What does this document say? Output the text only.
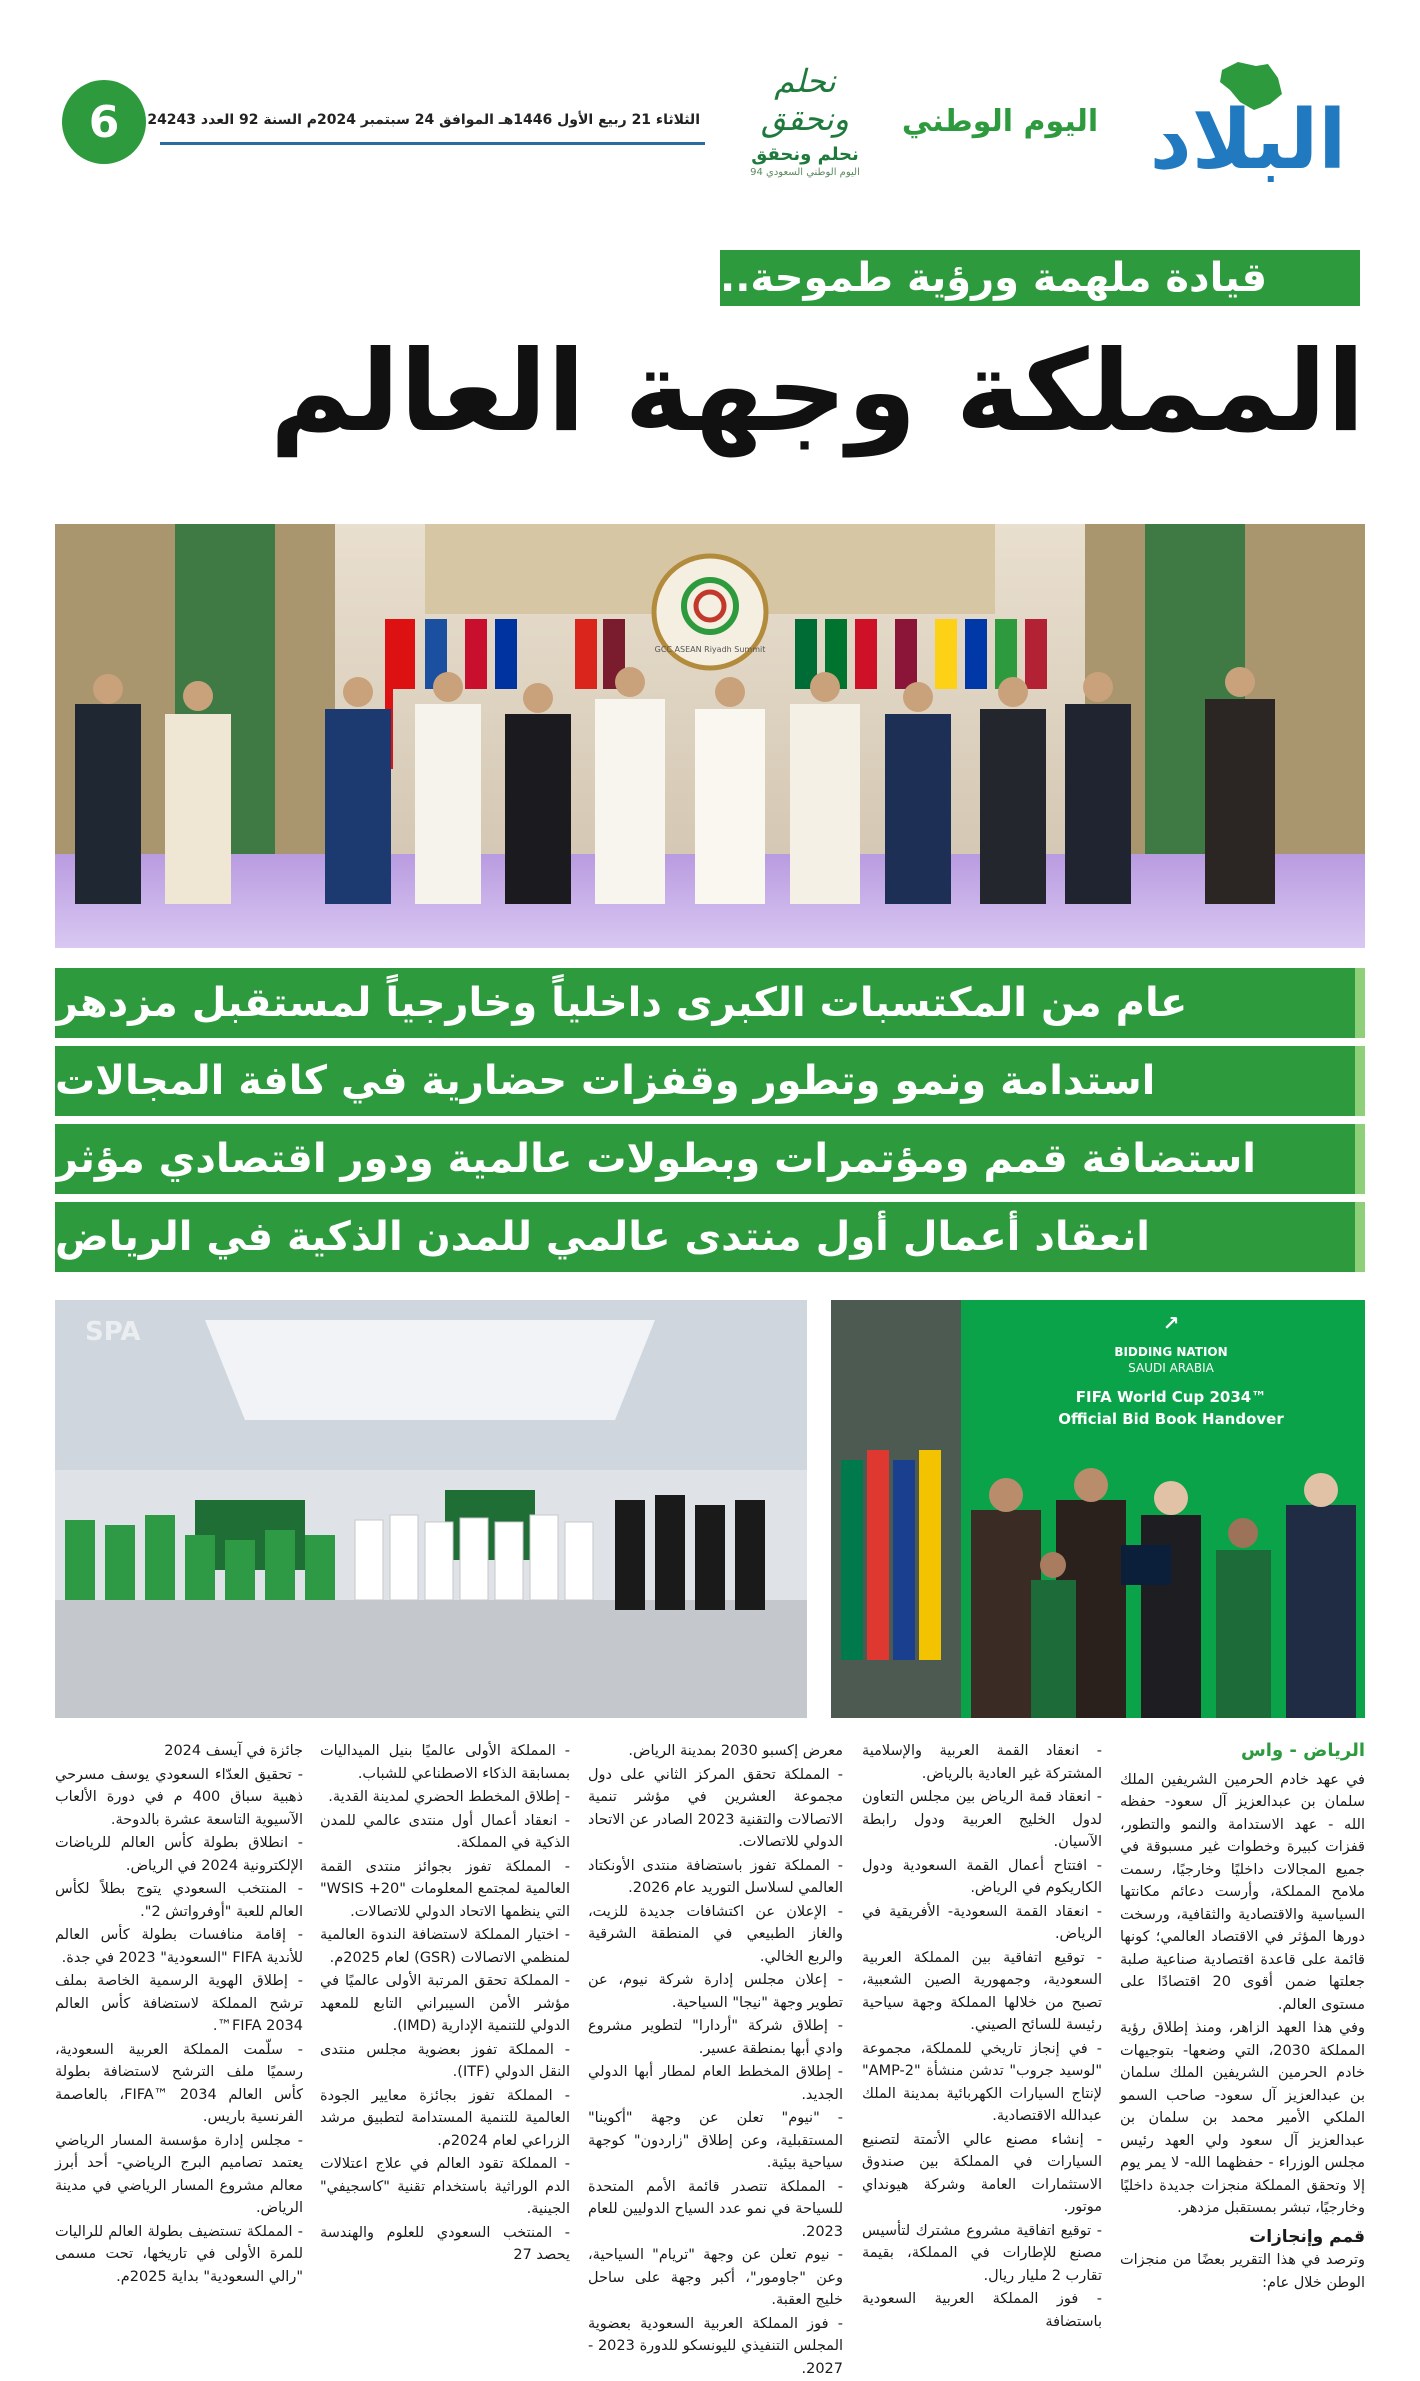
6	الثلاثاء 21 ربيع الأول 1446هـ الموافق 24 سبتمبر 2024م السنة 92 العدد 24243
نحلم ونحقق
نحلم ونحقق
اليوم الوطني السعودي 94
اليوم الوطني البلاد
قيادة ملهمة ورؤية طموحة..
المملكة وجهة العالم
GCC ASEAN Riyadh Summit
عام من المكتسبات الكبرى داخلياً وخارجياً لمستقبل مزدهر
استدامة ونمو وتطور وقفزات حضارية في كافة المجالات
استضافة قمم ومؤتمرات وبطولات عالمية ودور اقتصادي مؤثر
انعقاد أعمال أول منتدى عالمي للمدن الذكية في الرياض
SPA	↗
BIDDING NATION
SAUDI ARABIA
FIFA World Cup 2034™
Official Bid Book Handover

الرياض - واس

في عهد خادم الحرمين الشريفين الملك سلمان بن عبدالعزيز آل سعود- حفظه الله - عهد الاستدامة والنمو والتطور، قفزات كبيرة وخطوات غير مسبوقة في جميع المجالات داخليًا وخارجيًا، رسمت ملامح المملكة، وأرست دعائم مكانتها السياسية والاقتصادية والثقافية، ورسخت دورها المؤثر في الاقتصاد العالمي؛ كونها قائمة على قاعدة اقتصادية صناعية صلبة جعلتها ضمن أقوى 20 اقتصادًا على مستوى العالم.

وفي هذا العهد الزاهر، ومنذ إطلاق رؤية المملكة 2030، التي وضعها- بتوجيهات خادم الحرمين الشريفين الملك سلمان بن عبدالعزيز آل سعود- صاحب السمو الملكي الأمير محمد بن سلمان بن عبدالعزيز آل سعود ولي العهد رئيس مجلس الوزراء - حفظهما الله- لا يمر يوم إلا وتحقق المملكة منجزات جديدة داخليًا وخارجيًا، تبشر بمستقبل مزدهر.

قمم وإنجازات

وترصد في هذا التقرير بعضًا من منجزات الوطن خلال عام:

- انعقاد القمة العربية والإسلامية المشتركة غير العادية بالرياض.

- انعقاد قمة الرياض بين مجلس التعاون لدول الخليج العربية ودول رابطة الآسيان.

- افتتاح أعمال القمة السعودية ودول الكاريكوم في الرياض.

- انعقاد القمة السعودية- الأفريقية في الرياض.

- توقيع اتفاقية بين المملكة العربية السعودية، وجمهورية الصين الشعبية، تصبح من خلالها المملكة وجهة سياحية رئيسة للسائح الصيني.

- في إنجاز تاريخي للمملكة، مجموعة "لوسيد جروب" تدشن منشأة "AMP-2" لإنتاج السيارات الكهربائية بمدينة الملك عبدالله الاقتصادية.

- إنشاء مصنع عالي الأتمتة لتصنيع السيارات في المملكة بين صندوق الاستثمارات العامة وشركة هيونداي موتور.

- توقيع اتفاقية مشروع مشترك لتأسيس مصنع للإطارات في المملكة، بقيمة تقارب 2 مليار ريال.

- فوز المملكة العربية السعودية باستضافة

معرض إكسبو 2030 بمدينة الرياض.

- المملكة تحقق المركز الثاني على دول مجموعة العشرين في مؤشر تنمية الاتصالات والتقنية 2023 الصادر عن الاتحاد الدولي للاتصالات.

- المملكة تفوز باستضافة منتدى الأونكتاد العالمي لسلاسل التوريد عام 2026.

- الإعلان عن اكتشافات جديدة للزيت، والغاز الطبيعي في المنطقة الشرقية والربع الخالي.

- إعلان مجلس إدارة شركة نيوم، عن تطوير وجهة "نيجا" السياحية.

- إطلاق شركة "أردارا" لتطوير مشروع وادي أبها بمنطقة عسير.

- إطلاق المخطط العام لمطار أبها الدولي الجديد.

- "نيوم" تعلن عن وجهة "أكوينا" المستقبلية، وعن إطلاق "زاردون" كوجهة سياحية بيئية.

- المملكة تتصدر قائمة الأمم المتحدة للسياحة في نمو عدد السياح الدوليين للعام 2023.

- نيوم تعلن عن وجهة "تريام" السياحية، وعن "جاومور"، أكبر وجهة على ساحل خليج العقبة.

- فوز المملكة العربية السعودية بعضوية المجلس التنفيذي لليونسكو للدورة 2023 - 2027.

- المملكة الأولى عالميًا بنيل الميداليات بمسابقة الذكاء الاصطناعي للشباب.

- إطلاق المخطط الحضري لمدينة القدية.

- انعقاد أعمال أول منتدى عالمي للمدن الذكية في المملكة.

- المملكة تفوز بجوائز منتدى القمة العالمية لمجتمع المعلومات "WSIS +20" التي ينظمها الاتحاد الدولي للاتصالات.

- اختيار المملكة لاستضافة الندوة العالمية لمنظمي الاتصالات (GSR) لعام 2025م.

- المملكة تحقق المرتبة الأولى عالميًا في مؤشر الأمن السيبراني التابع للمعهد الدولي للتنمية الإدارية (IMD).

- المملكة تفوز بعضوية مجلس منتدى النقل الدولي (ITF).

- المملكة تفوز بجائزة معايير الجودة العالمية للتنمية المستدامة لتطبيق مرشد الزراعي لعام 2024م.

- المملكة تقود العالم في علاج اعتلالات الدم الوراثية باستخدام تقنية "كاسجيفي" الجينية.

- المنتخب السعودي للعلوم والهندسة يحصد 27

جائزة في آيسف 2024

- تحقيق العدّاء السعودي يوسف مسرحي ذهبية سباق 400 م في دورة الألعاب الآسيوية التاسعة عشرة بالدوحة.

- انطلاق بطولة كأس العالم للرياضات الإلكترونية 2024 في الرياض.

- المنتخب السعودي يتوج بطلاً لكأس العالم للعبة "أوفرواتش 2".

- إقامة منافسات بطولة كأس العالم للأندية FIFA "السعودية" 2023 في جدة.

- إطلاق الهوية الرسمية الخاصة بملف ترشح المملكة لاستضافة كأس العالم FIFA 2034™.

- سلّمت المملكة العربية السعودية، رسميًا ملف الترشح لاستضافة بطولة كأس العالم FIFA™ 2034، بالعاصمة الفرنسية باريس.

- مجلس إدارة مؤسسة المسار الرياضي يعتمد تصاميم البرج الرياضي- أحد أبرز معالم مشروع المسار الرياضي في مدينة الرياض.

- المملكة تستضيف بطولة العالم للراليات للمرة الأولى في تاريخها، تحت مسمى "رالي السعودية" بداية 2025م.
